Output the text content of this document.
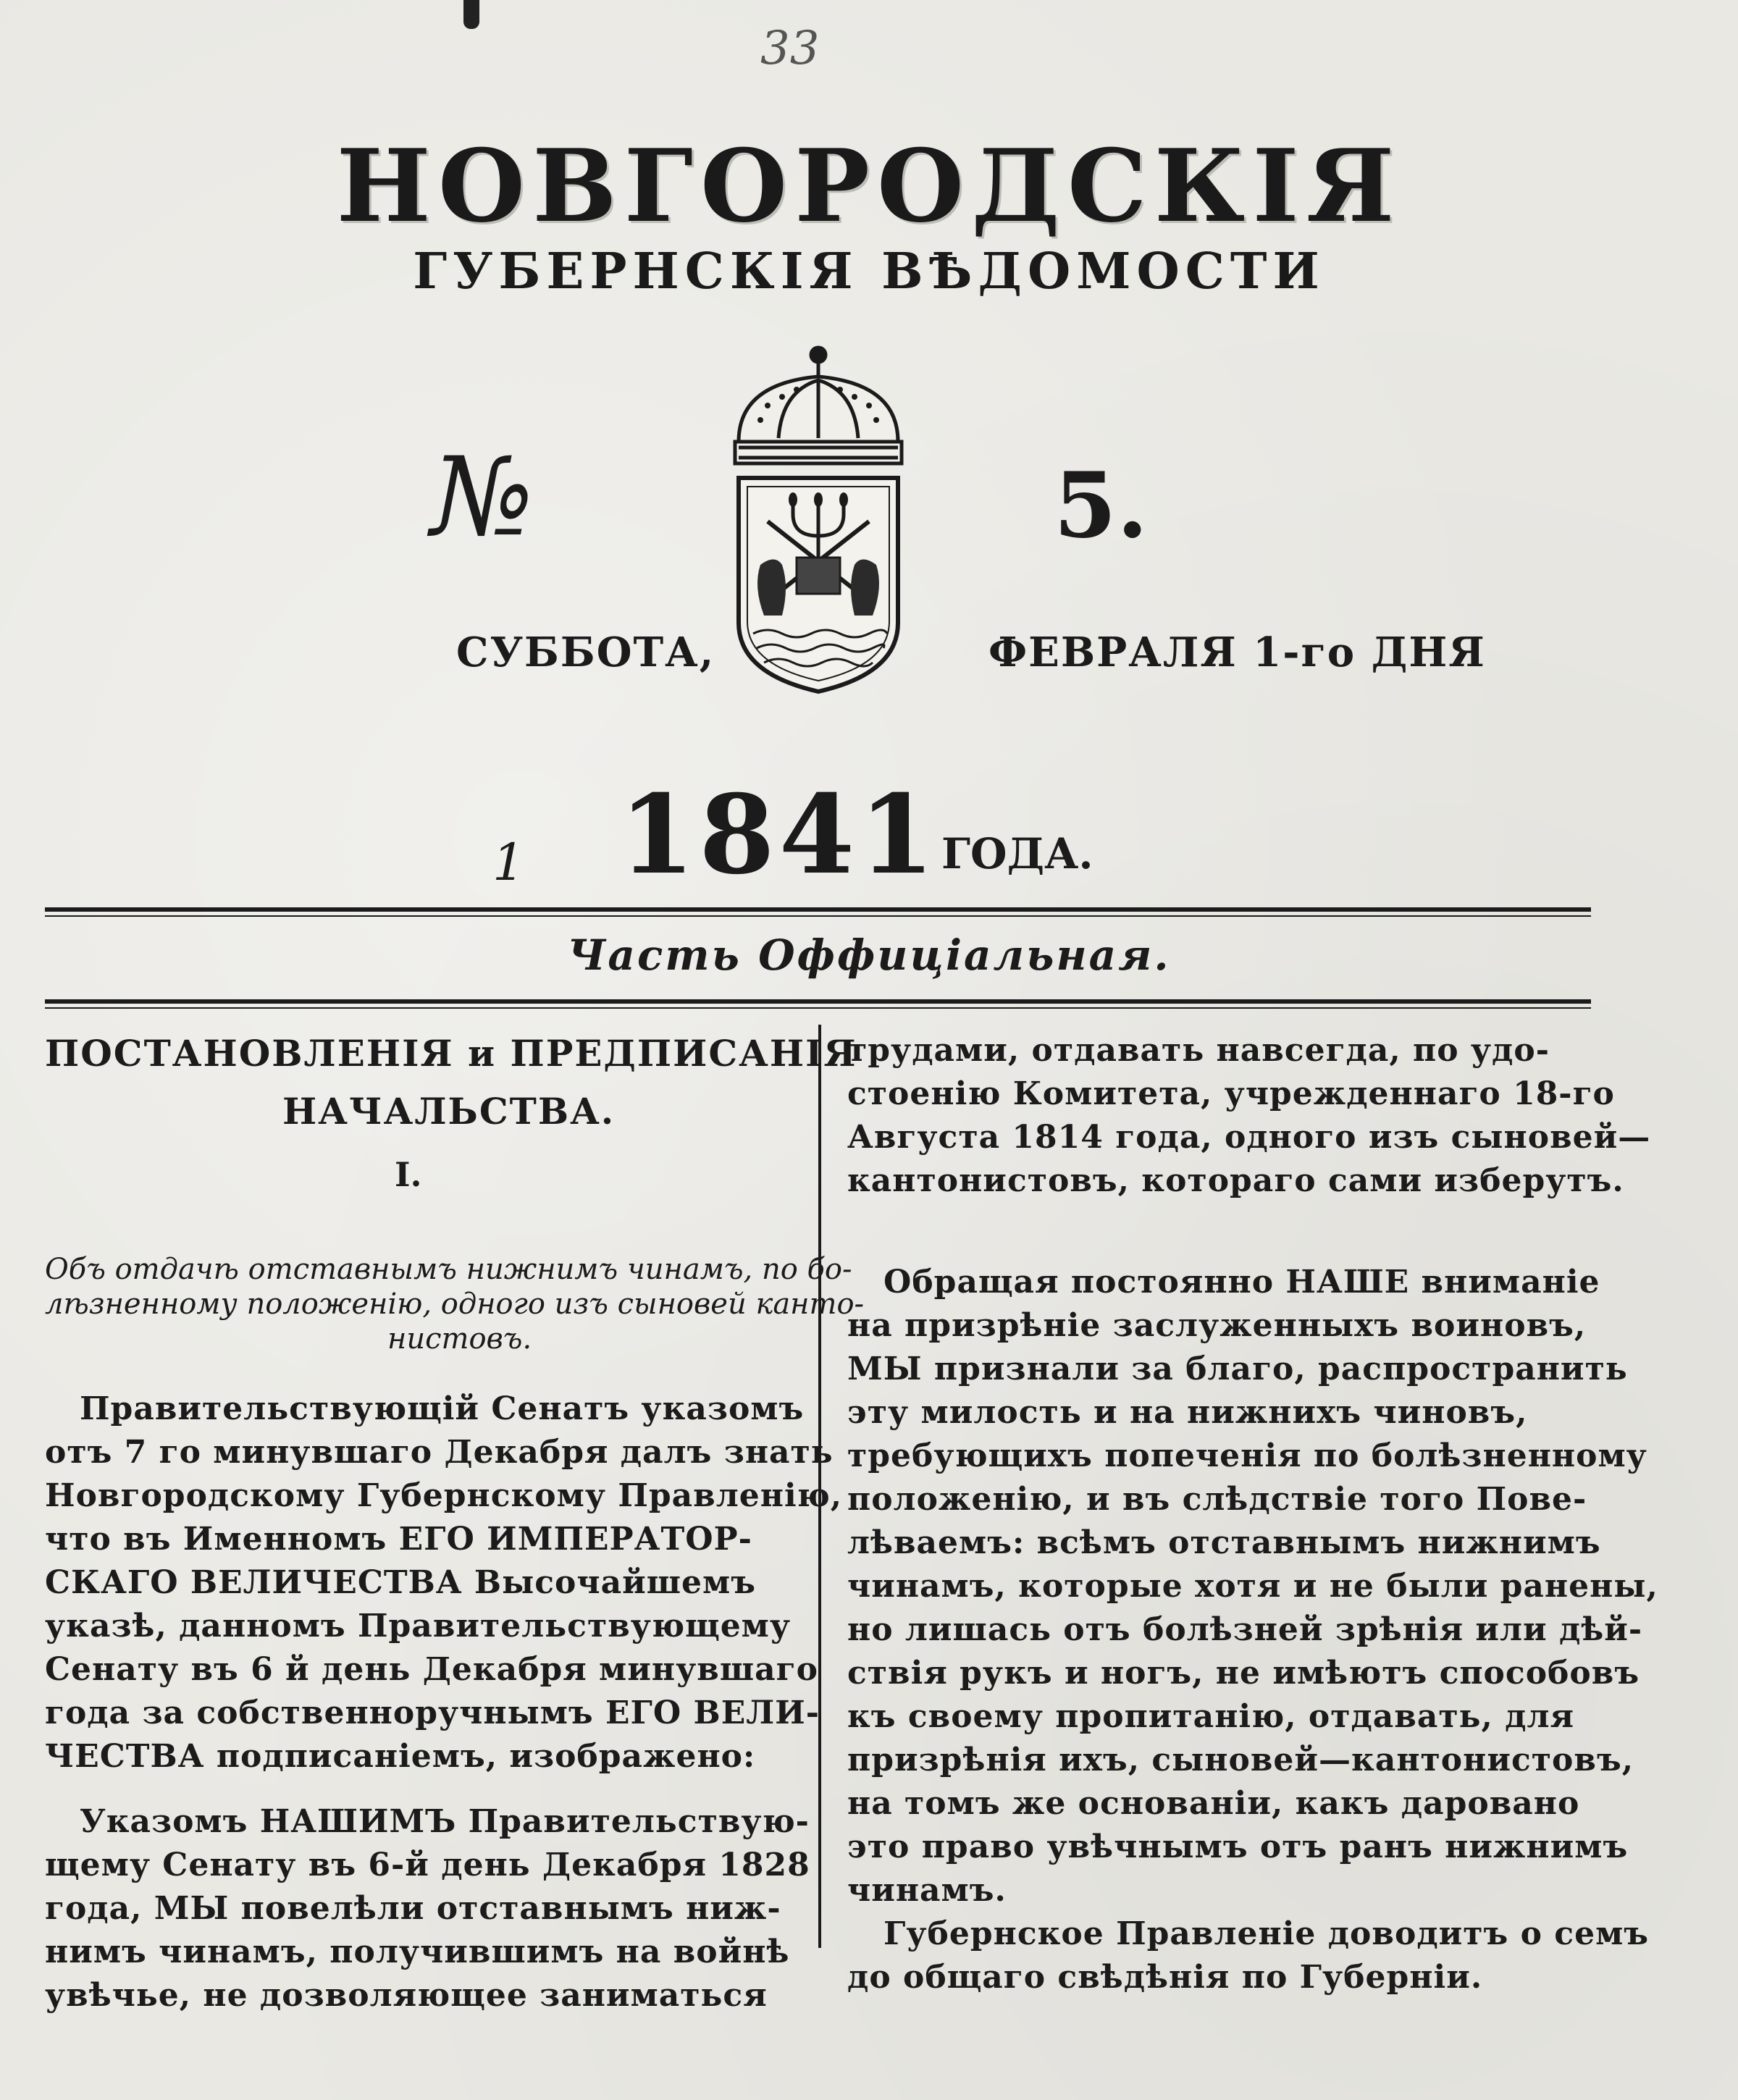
33
НОВГОРОДСКІЯ
ГУБЕРНСКІЯ ВѢДОМОСТИ
№	5.
СУББОТА,	ФЕВРАЛЯ 1-го ДНЯ
1 1841 ГОДА.
Часть Оффиціальная.
ПОСТАНОВЛЕНІЯ и ПРЕДПИСАНІЯ
НАЧАЛЬСТВА.
I.
Объ отдачѣ отставнымъ нижнимъ чинамъ, по бо-
лѣзненному положенію, одного изъ сыновей канто-
нистовъ.
Правительствующій Сенатъ указомъ
отъ 7 го минувшаго Декабря далъ знать
Новгородскому Губернскому Правленію,
что въ Именномъ ЕГО ИМПЕРАТОР-
СКАГО ВЕЛИЧЕСТВА Высочайшемъ
указѣ, данномъ Правительствующему
Сенату въ 6 й день Декабря минувшаго
года за собственноручнымъ ЕГО ВЕЛИ-
ЧЕСТВА подписаніемъ, изображено:
Указомъ НАШИМЪ Правительствую-
щему Сенату въ 6-й день Декабря 1828
года, МЫ повелѣли отставнымъ ниж-
нимъ чинамъ, получившимъ на войнѣ
увѣчье, не дозволяющее заниматься
трудами, отдавать навсегда, по удо-
стоенію Комитета, учрежденнаго 18-го
Августа 1814 года, одного изъ сыновей—
кантонистовъ, котораго сами изберутъ.
Обращая постоянно НАШЕ вниманіе
на призрѣніе заслуженныхъ воиновъ,
МЫ признали за благо, распространить
эту милость и на нижнихъ чиновъ,
требующихъ попеченія по болѣзненному
положенію, и въ слѣдствіе того Пове-
лѣваемъ: всѣмъ отставнымъ нижнимъ
чинамъ, которые хотя и не были ранены,
но лишась отъ болѣзней зрѣнія или дѣй-
ствія рукъ и ногъ, не имѣютъ способовъ
къ своему пропитанію, отдавать, для
призрѣнія ихъ, сыновей—кантонистовъ,
на томъ же основаніи, какъ даровано
это право увѣчнымъ отъ ранъ нижнимъ
чинамъ.
Губернское Правленіе доводитъ о семъ
до общаго свѣдѣнія по Губерніи.
